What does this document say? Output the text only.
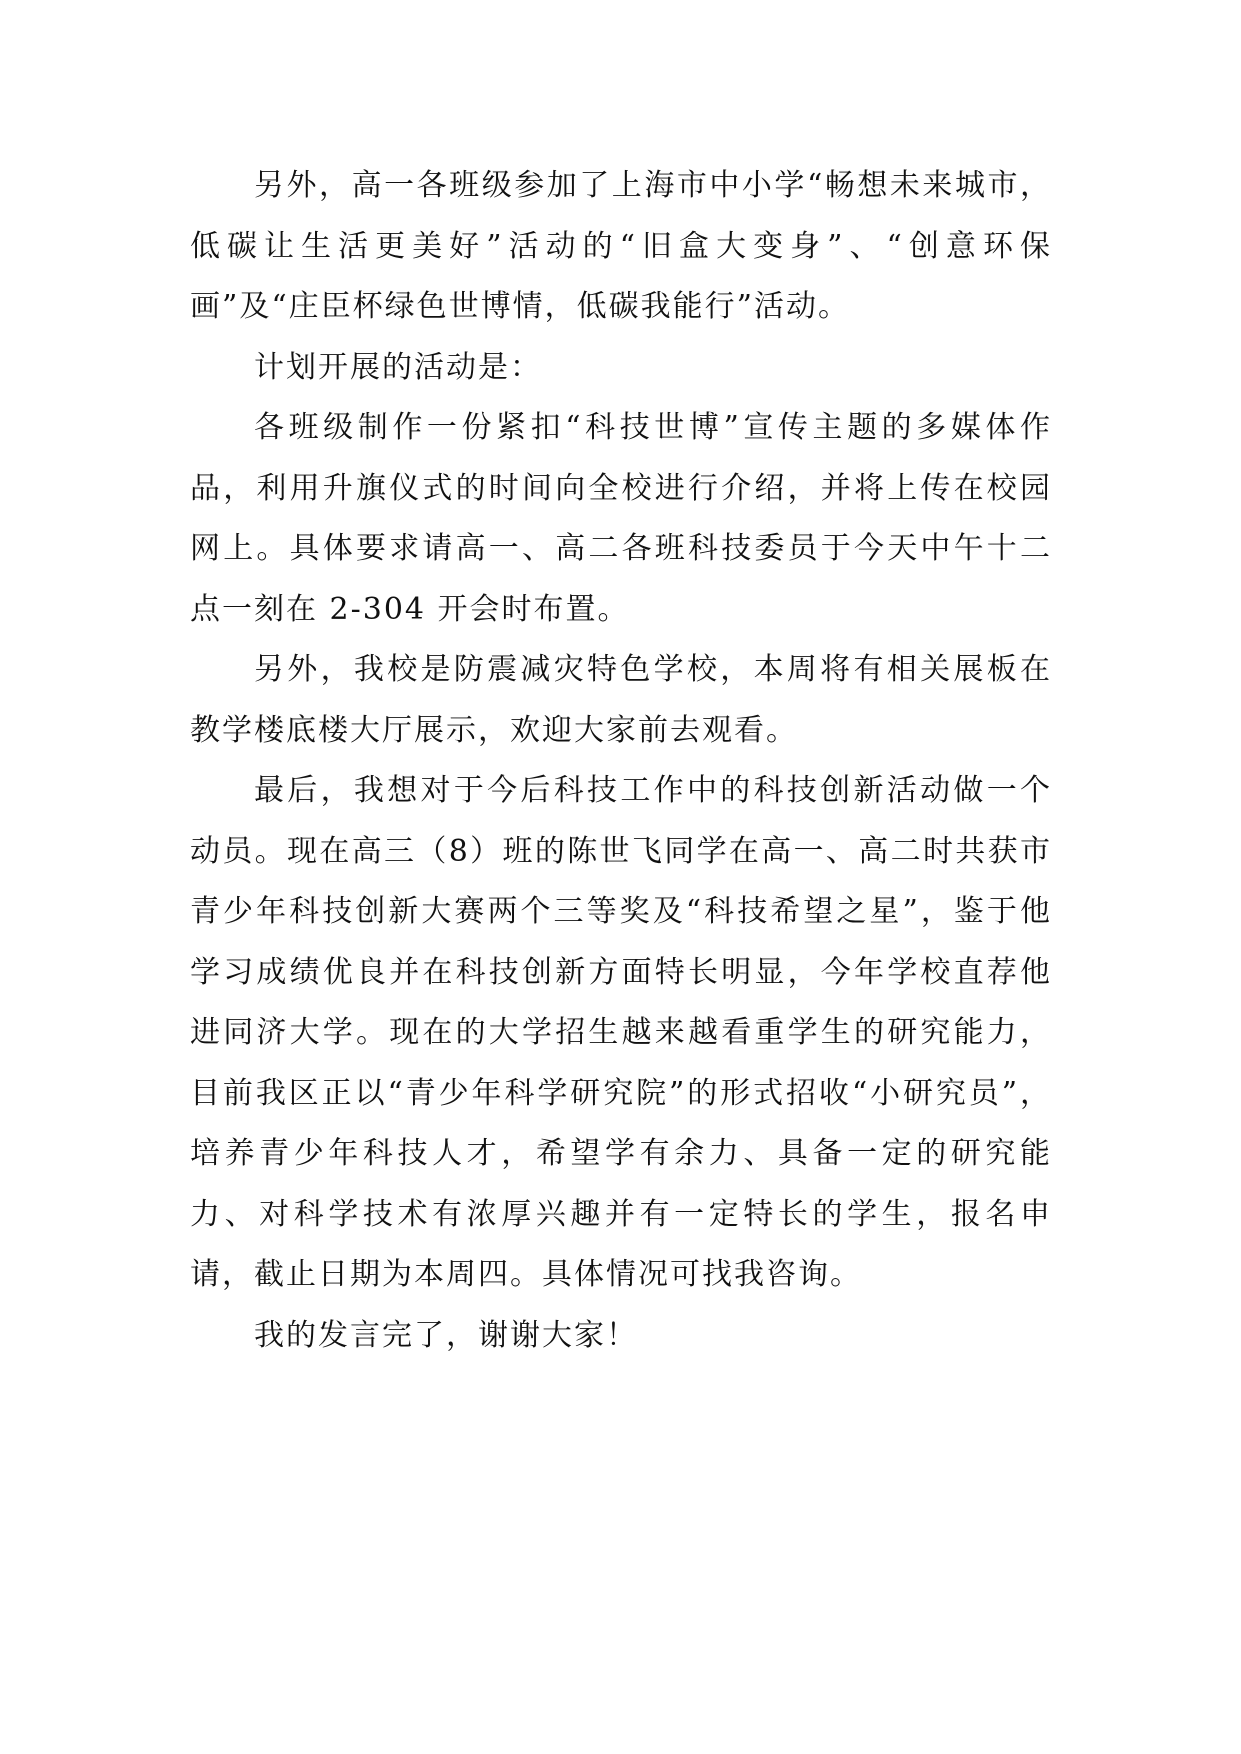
另外，高一各班级参加了上海市中小学“畅想未来城市，低碳让生活更美好”活动的“旧盒大变身”、“创意环保画”及“庄臣杯绿色世博情，低碳我能行”活动。

计划开展的活动是：

各班级制作一份紧扣“科技世博”宣传主题的多媒体作品，利用升旗仪式的时间向全校进行介绍，并将上传在校园网上。具体要求请高一、高二各班科技委员于今天中午十二点一刻在 2-304 开会时布置。

另外，我校是防震减灾特色学校，本周将有相关展板在教学楼底楼大厅展示，欢迎大家前去观看。

最后，我想对于今后科技工作中的科技创新活动做一个动员。现在高三（8）班的陈世飞同学在高一、高二时共获市青少年科技创新大赛两个三等奖及“科技希望之星”，鉴于他学习成绩优良并在科技创新方面特长明显，今年学校直荐他进同济大学。现在的大学招生越来越看重学生的研究能力，目前我区正以“青少年科学研究院”的形式招收“小研究员”，培养青少年科技人才，希望学有余力、具备一定的研究能力、对科学技术有浓厚兴趣并有一定特长的学生，报名申请，截止日期为本周四。具体情况可找我咨询。

我的发言完了，谢谢大家！
